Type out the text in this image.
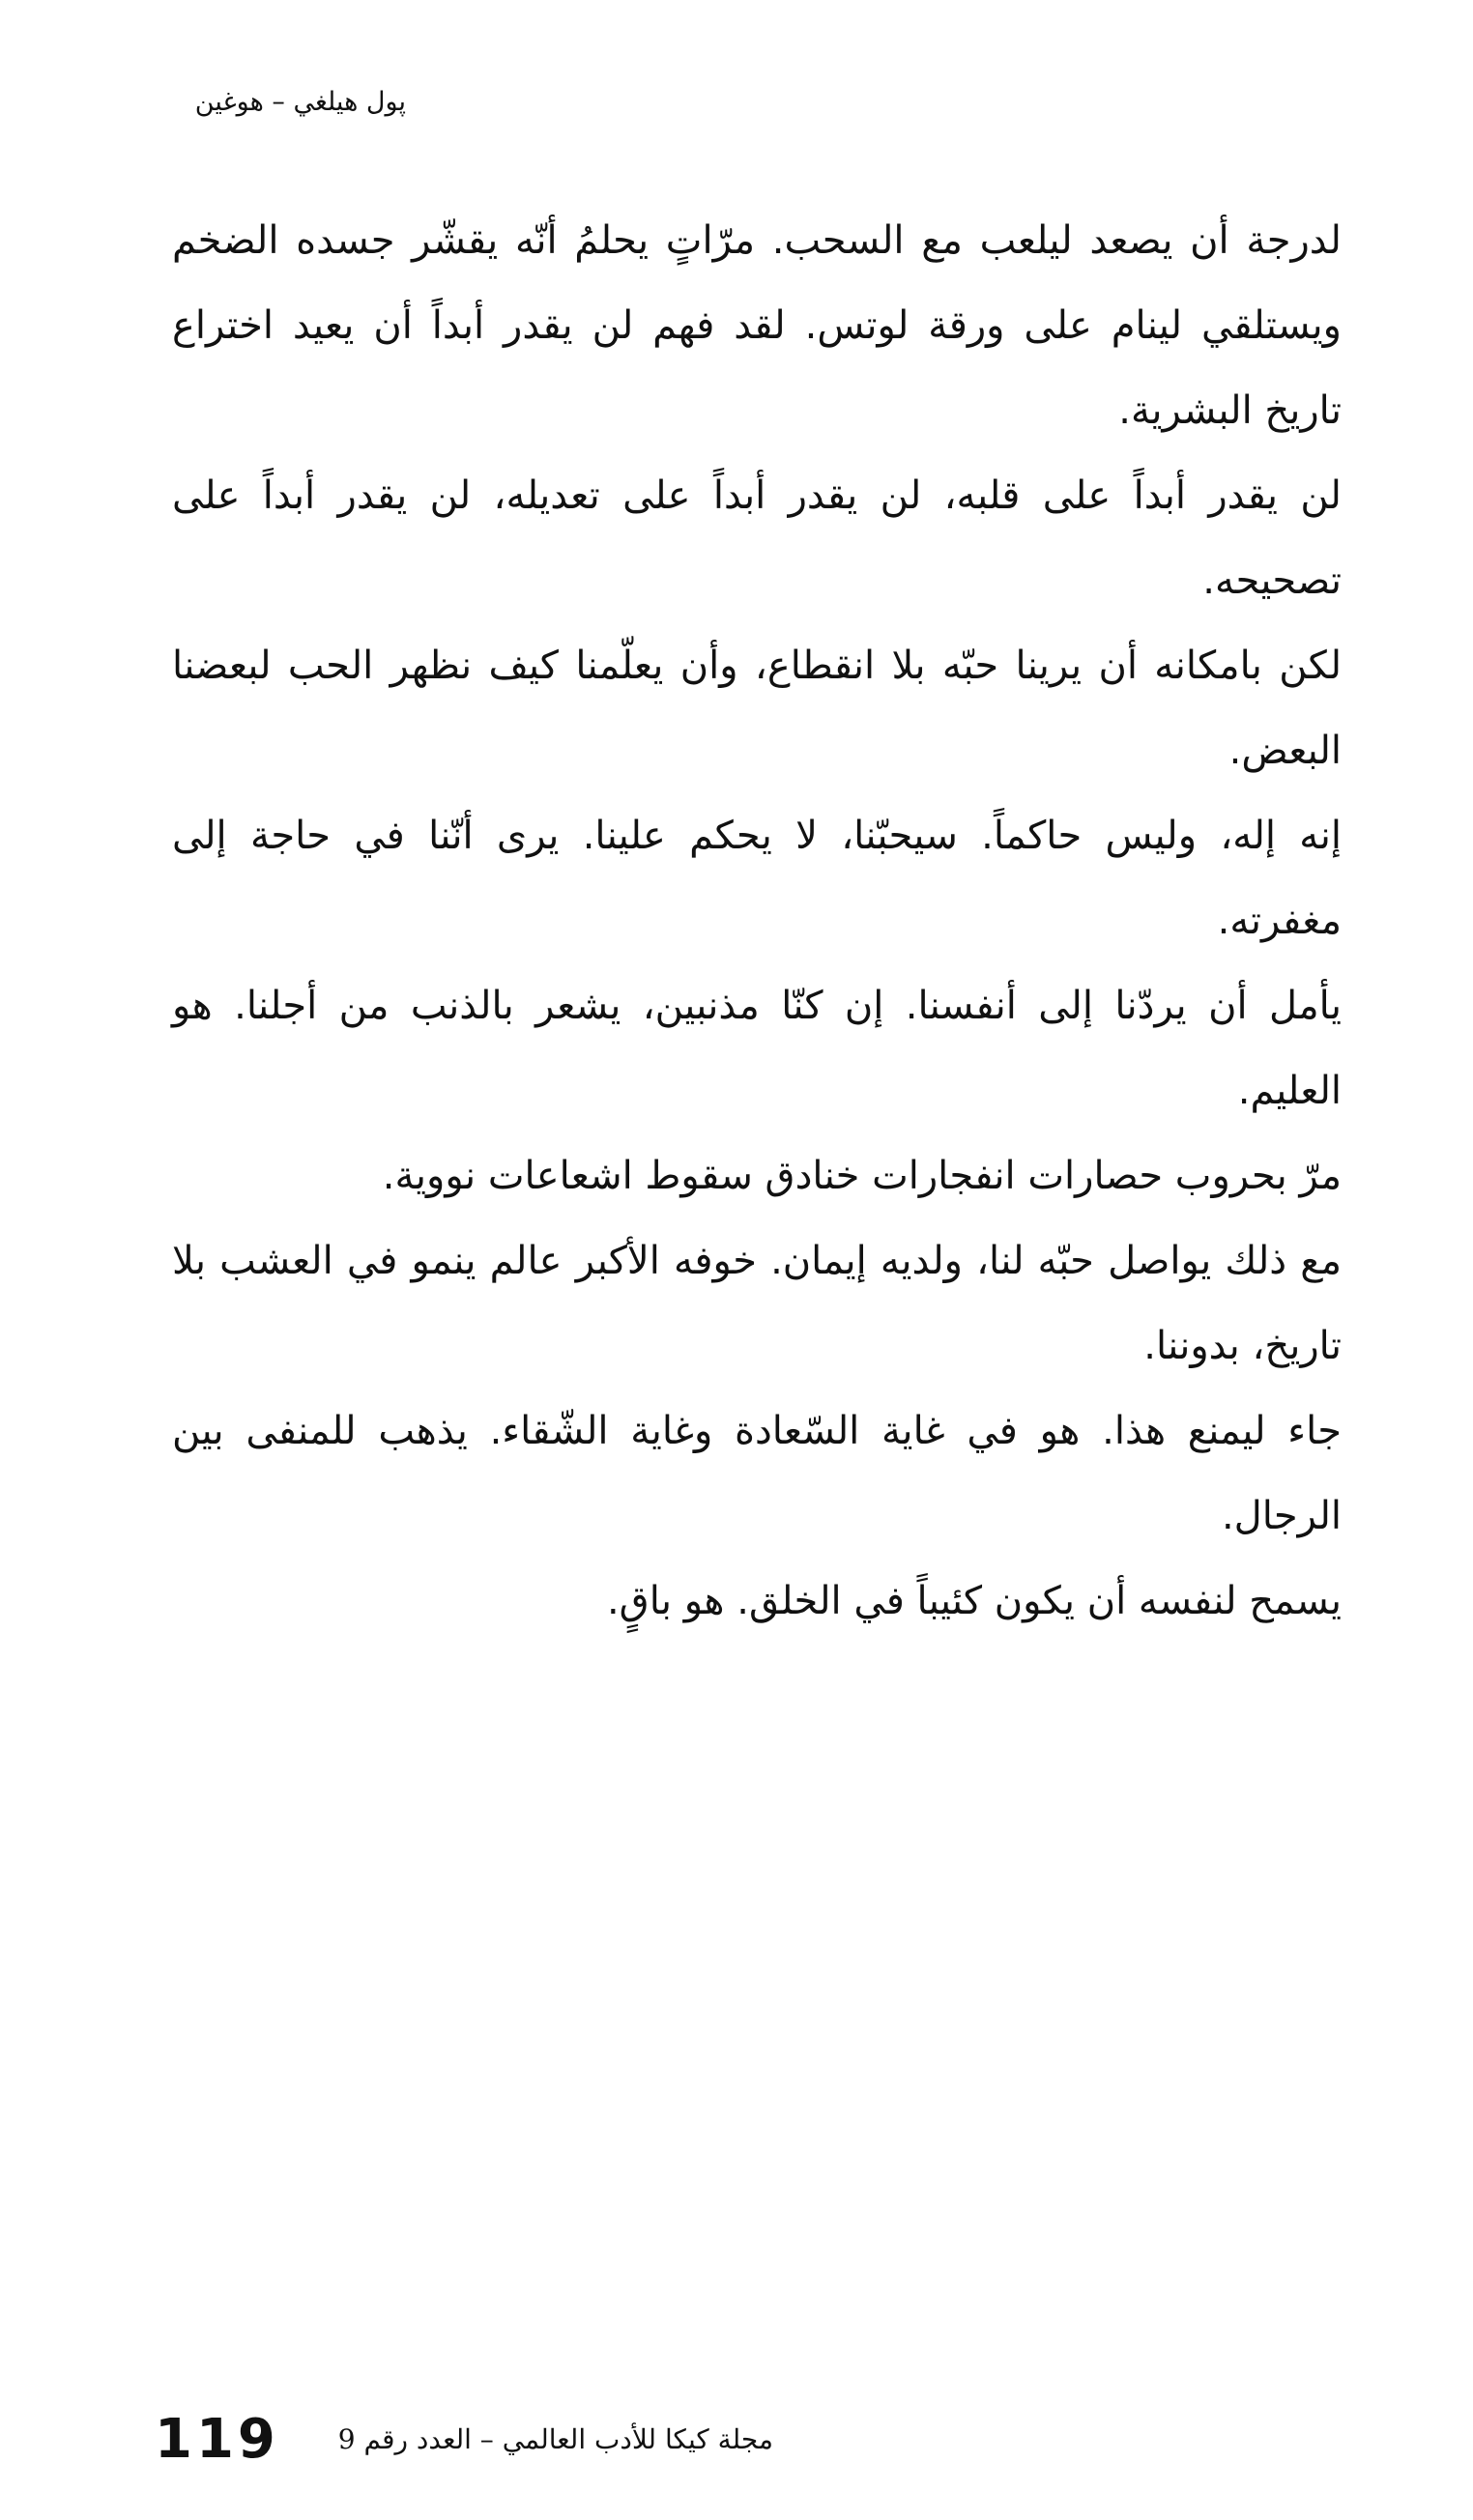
پول هيلغي – هوغين

لدرجة أن يصعد ليلعب مع السحب. مرّاتٍ يحلمُ أنّه يقشّر جسده الضخم ويستلقي لينام على ورقة لوتس. لقد فهم لن يقدر أبداً أن يعيد اختراع تاريخ البشرية.

لن يقدر أبداً على قلبه، لن يقدر أبداً على تعديله، لن يقدر أبداً على تصحيحه.

لكن بامكانه أن يرينا حبّه بلا انقطاع، وأن يعلّمنا كيف نظهر الحب لبعضنا البعض.

إنه إله، وليس حاكماً. سيحبّنا، لا يحكم علينا. يرى أنّنا في حاجة إلى مغفرته.

يأمل أن يردّنا إلى أنفسنا. إن كنّا مذنبين، يشعر بالذنب من أجلنا. هو العليم.

مرّ بحروب حصارات انفجارات خنادق سقوط اشعاعات نووية.

مع ذلك يواصل حبّه لنا، ولديه إيمان. خوفه الأكبر عالم ينمو في العشب بلا تاريخ، بدوننا.

جاء ليمنع هذا. هو في غاية السّعادة وغاية الشّقاء. يذهب للمنفى بين الرجال.

يسمح لنفسه أن يكون كئيباً في الخلق. هو باقٍ.

119 مجلة كيكا للأدب العالمي – العدد رقم 9
